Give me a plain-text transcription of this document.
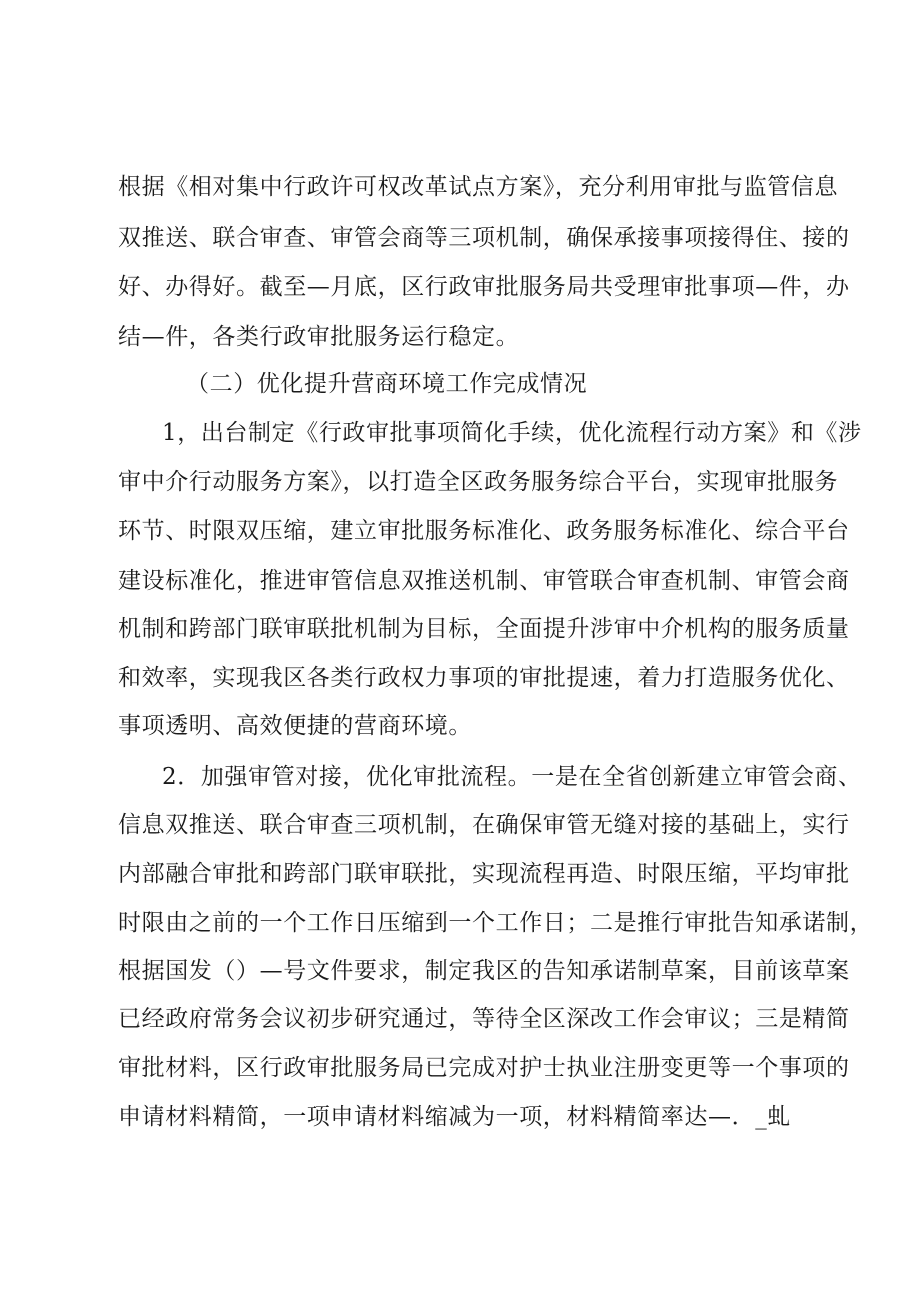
根据《相对集中行政许可权改革试点方案》，充分利用审批与监管信息
双推送、联合审查、审管会商等三项机制，确保承接事项接得住、接的
好、办得好。截至—月底，区行政审批服务局共受理审批事项—件，办
结—件，各类行政审批服务运行稳定。
（二）优化提升营商环境工作完成情况
1，出台制定《行政审批事项简化手续，优化流程行动方案》和《涉
审中介行动服务方案》，以打造全区政务服务综合平台，实现审批服务
环节、时限双压缩，建立审批服务标准化、政务服务标准化、综合平台
建设标准化，推进审管信息双推送机制、审管联合审查机制、审管会商
机制和跨部门联审联批机制为目标，全面提升涉审中介机构的服务质量
和效率，实现我区各类行政权力事项的审批提速，着力打造服务优化、
事项透明、高效便捷的营商环境。
2．加强审管对接，优化审批流程。一是在全省创新建立审管会商、
信息双推送、联合审查三项机制，在确保审管无缝对接的基础上，实行
内部融合审批和跨部门联审联批，实现流程再造、时限压缩，平均审批
时限由之前的一个工作日压缩到一个工作日；二是推行审批告知承诺制，
根据国发（）—号文件要求，制定我区的告知承诺制草案，目前该草案
已经政府常务会议初步研究通过，等待全区深改工作会审议；三是精简
审批材料，区行政审批服务局已完成对护士执业注册变更等一个事项的
申请材料精简，一项申请材料缩减为一项，材料精简率达—．_虬
